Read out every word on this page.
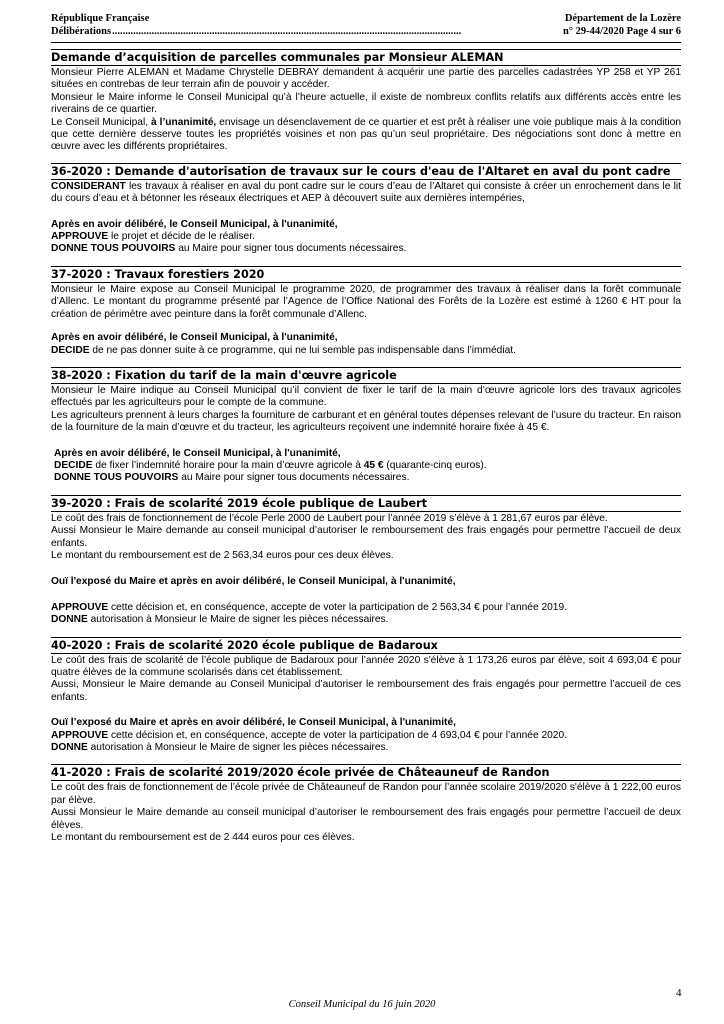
République Française	Département de la Lozère
Délibérations .....................................................................................................................................	n° 29-44/2020 Page 4 sur 6
Demande d’acquisition de parcelles communales par Monsieur ALEMAN

Monsieur Pierre ALEMAN et Madame Chrystelle DEBRAY demandent à acquérir une partie des parcelles cadastrées YP 258 et YP 261 situées en contrebas de leur terrain afin de pouvoir y accéder.

Monsieur le Maire informe le Conseil Municipal qu’à l’heure actuelle, il existe de nombreux conflits relatifs aux différents accès entre les riverains de ce quartier.

Le Conseil Municipal, à l’unanimité, envisage un désenclavement de ce quartier et est prêt à réaliser une voie publique mais à la condition que cette dernière desserve toutes les propriétés voisines et non pas qu’un seul propriétaire. Des négociations sont donc à mettre en œuvre avec les différents propriétaires.

36-2020 : Demande d'autorisation de travaux sur le cours d'eau de l'Altaret en aval du pont cadre

CONSIDERANT les travaux à réaliser en aval du pont cadre sur le cours d’eau de l’Altaret qui consiste à créer un enrochement dans le lit du cours d’eau et à bétonner les réseaux électriques et AEP à découvert suite aux dernières intempéries,

Après en avoir délibéré, le Conseil Municipal, à l'unanimité,

APPROUVE le projet et décide de le réaliser.

DONNE TOUS POUVOIRS au Maire pour signer tous documents nécessaires.

37-2020 : Travaux forestiers 2020

Monsieur le Maire expose au Conseil Municipal le programme 2020, de programmer des travaux à réaliser dans la forêt communale d’Allenc. Le montant du programme présenté par l’Agence de l’Office National des Forêts de la Lozère est estimé à 1260 € HT pour la création de périmètre avec peinture dans la forêt communale d’Allenc.

Après en avoir délibéré, le Conseil Municipal, à l'unanimité,

DECIDE de ne pas donner suite à ce programme, qui ne lui semble pas indispensable dans l’immédiat.

38-2020 : Fixation du tarif de la main d'œuvre agricole

Monsieur le Maire indique au Conseil Municipal qu’il convient de fixer le tarif de la main d’œuvre agricole lors des travaux agricoles effectués par les agriculteurs pour le compte de la commune.

Les agriculteurs prennent à leurs charges la fourniture de carburant et en général toutes dépenses relevant de l’usure du tracteur. En raison de la fourniture de la main d’œuvre et du tracteur, les agriculteurs reçoivent une indemnité horaire fixée à 45 €.

Après en avoir délibéré, le Conseil Municipal, à l'unanimité,

DECIDE de fixer l’indemnité horaire pour la main d’œuvre agricole à 45 € (quarante-cinq euros).

DONNE TOUS POUVOIRS au Maire pour signer tous documents nécessaires.

39-2020 : Frais de scolarité 2019 école publique de Laubert

Le coût des frais de fonctionnement de l’école Perle 2000 de Laubert pour l’année 2019 s’élève à 1 281,67 euros par élève.

Aussi Monsieur le Maire demande au conseil municipal d’autoriser le remboursement des frais engagés pour permettre l’accueil de deux enfants.

Le montant du remboursement est de 2 563,34 euros pour ces deux élèves.

Ouï l'exposé du Maire et après en avoir délibéré, le Conseil Municipal, à l'unanimité,

APPROUVE cette décision et, en conséquence, accepte de voter la participation de 2 563,34 € pour l’année 2019.

DONNE autorisation à Monsieur le Maire de signer les pièces nécessaires.

40-2020 : Frais de scolarité 2020 école publique de Badaroux

Le coût des frais de scolarité de l’école publique de Badaroux pour l’année 2020 s'élève à 1 173,26 euros par élève, soit 4 693,04 € pour quatre élèves de la commune scolarisés dans cet établissement.

Aussi, Monsieur le Maire demande au Conseil Municipal d’autoriser le remboursement des frais engagés pour permettre l’accueil de ces enfants.

Ouï l’exposé du Maire et après en avoir délibéré, le Conseil Municipal, à l'unanimité,

APPROUVE cette décision et, en conséquence, accepte de voter la participation de 4 693,04 € pour l’année 2020.

DONNE autorisation à Monsieur le Maire de signer les pièces nécessaires.

41-2020 : Frais de scolarité 2019/2020 école privée de Châteauneuf de Randon

Le coût des frais de fonctionnement de l’école privée de Châteauneuf de Randon pour l’année scolaire 2019/2020 s'élève à 1 222,00 euros par élève.

Aussi Monsieur le Maire demande au conseil municipal d’autoriser le remboursement des frais engagés pour permettre l’accueil de deux élèves.

Le montant du remboursement est de 2 444 euros pour ces élèves.

4
Conseil Municipal du 16 juin 2020
